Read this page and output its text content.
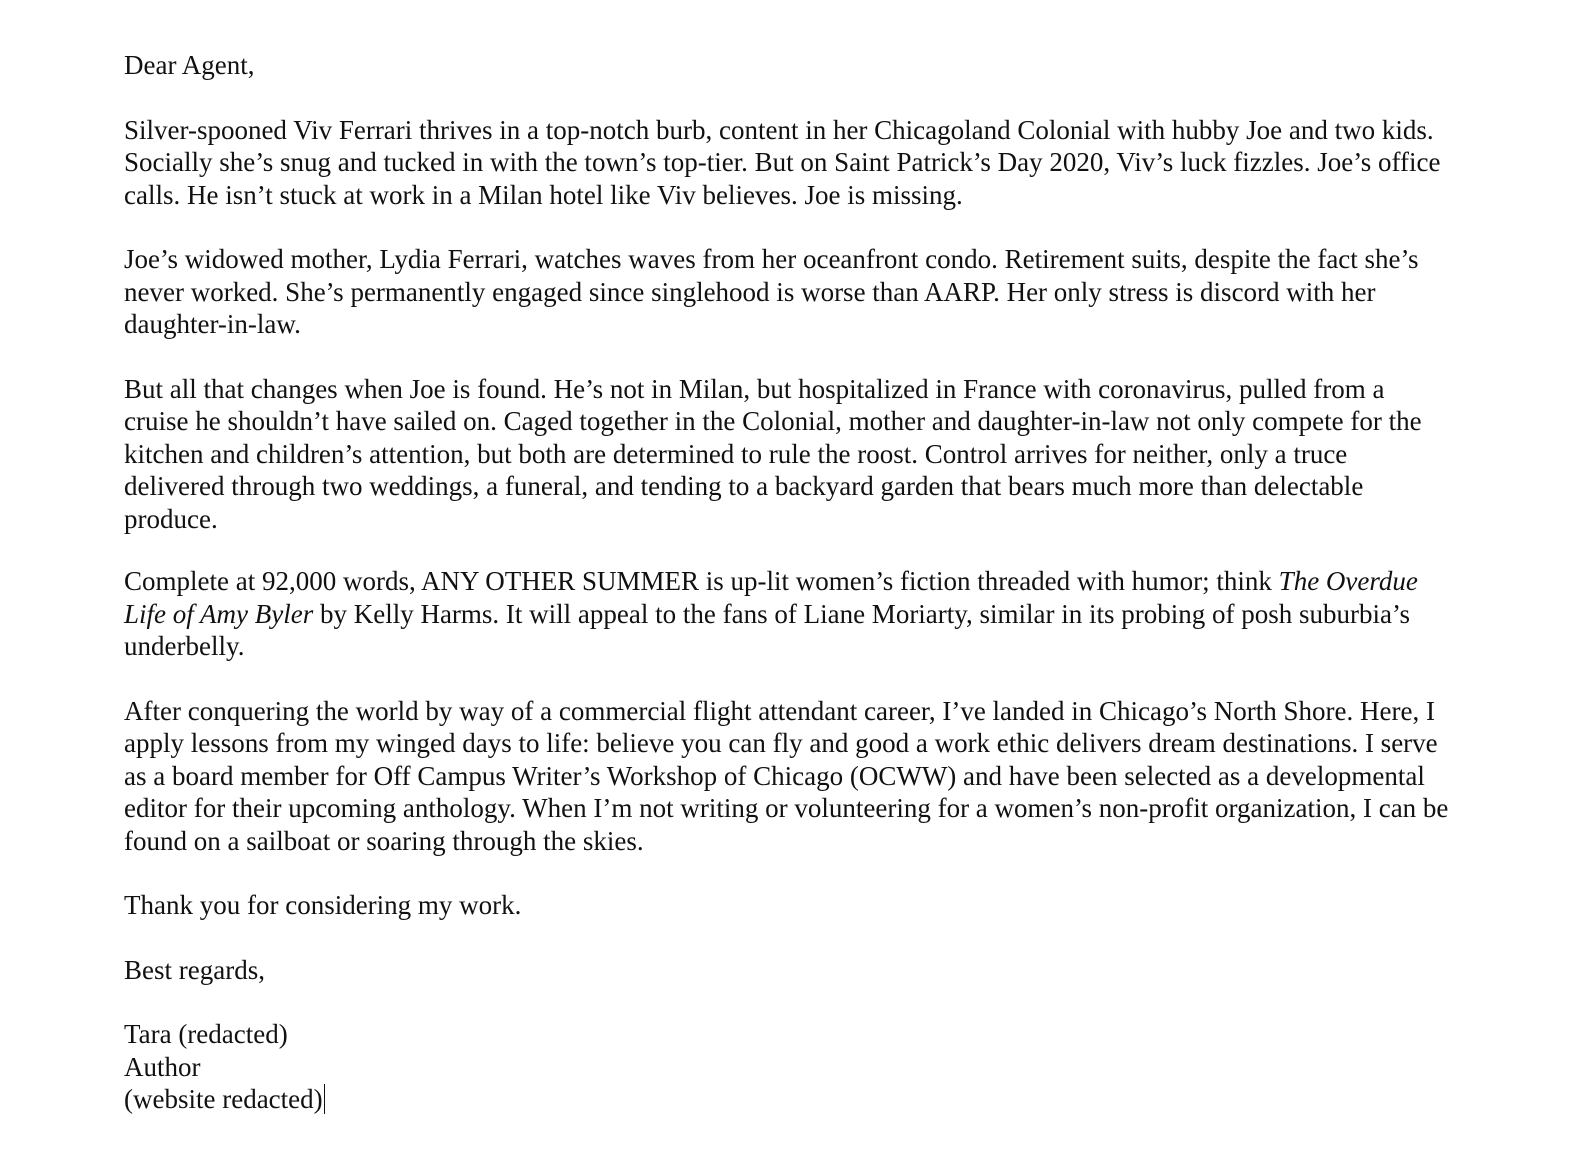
Dear Agent,

Silver-spooned Viv Ferrari thrives in a top-notch burb, content in her Chicagoland Colonial with hubby Joe and two kids. Socially she’s snug and tucked in with the town’s top-tier. But on Saint Patrick’s Day 2020, Viv’s luck fizzles. Joe’s office calls. He isn’t stuck at work in a Milan hotel like Viv believes. Joe is missing.

Joe’s widowed mother, Lydia Ferrari, watches waves from her oceanfront condo. Retirement suits, despite the fact she’s never worked. She’s permanently engaged since singlehood is worse than AARP. Her only stress is discord with her daughter-in-law.

But all that changes when Joe is found. He’s not in Milan, but hospitalized in France with coronavirus, pulled from a cruise he shouldn’t have sailed on. Caged together in the Colonial, mother and daughter-in-law not only compete for the kitchen and children’s attention, but both are determined to rule the roost. Control arrives for neither, only a truce delivered through two weddings, a funeral, and tending to a backyard garden that bears much more than delectable produce.

Complete at 92,000 words, ANY OTHER SUMMER is up-lit women’s fiction threaded with humor; think The Overdue Life of Amy Byler by Kelly Harms. It will appeal to the fans of Liane Moriarty, similar in its probing of posh suburbia’s underbelly.

After conquering the world by way of a commercial flight attendant career, I’ve landed in Chicago’s North Shore. Here, I apply lessons from my winged days to life: believe you can fly and good a work ethic delivers dream destinations. I serve as a board member for Off Campus Writer’s Workshop of Chicago (OCWW) and have been selected as a developmental editor for their upcoming anthology. When I’m not writing or volunteering for a women’s non-profit organization, I can be found on a sailboat or soaring through the skies.

Thank you for considering my work.

Best regards,

Tara (redacted)
Author
(website redacted)
